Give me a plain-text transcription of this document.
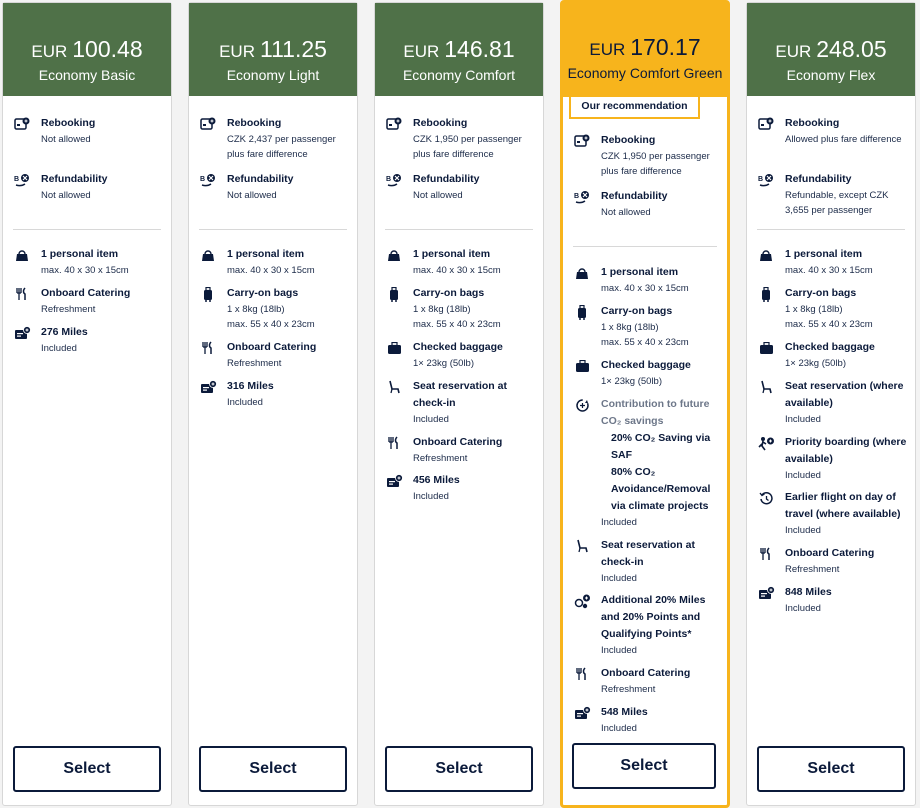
EUR 100.48
Economy Basic
Rebooking
Not allowed
B Refundability
Not allowed
1 personal item
max. 40 x 30 x 15cm
Onboard Catering
Refreshment
276 Miles
Included
Select
EUR 111.25
Economy Light
Rebooking
CZK 2,437 per passenger plus fare difference
B Refundability
Not allowed
1 personal item
max. 40 x 30 x 15cm
Carry-on bags
1 x 8kg (18lb)
max. 55 x 40 x 23cm
Onboard Catering
Refreshment
316 Miles
Included
Select
EUR 146.81
Economy Comfort
Rebooking
CZK 1,950 per passenger plus fare difference
B Refundability
Not allowed
1 personal item
max. 40 x 30 x 15cm
Carry-on bags
1 x 8kg (18lb)
max. 55 x 40 x 23cm
Checked baggage
1× 23kg (50lb)
Seat reservation at check-in
Included
Onboard Catering
Refreshment
456 Miles
Included
Select
EUR 170.17
Economy Comfort Green
Our recommendation
Rebooking
CZK 1,950 per passenger plus fare difference
B Refundability
Not allowed
1 personal item
max. 40 x 30 x 15cm
Carry-on bags
1 x 8kg (18lb)
max. 55 x 40 x 23cm
Checked baggage
1× 23kg (50lb)
Contribution to future CO₂ savings
20% CO₂ Saving via SAF
80% CO₂ Avoidance/Removal via climate projects
Included
Seat reservation at check-in
Included
Additional 20% Miles and 20% Points and Qualifying Points*
Included
Onboard Catering
Refreshment
548 Miles
Included
Select
EUR 248.05
Economy Flex
Rebooking
Allowed plus fare difference
B Refundability
Refundable, except CZK 3,655 per passenger
1 personal item
max. 40 x 30 x 15cm
Carry-on bags
1 x 8kg (18lb)
max. 55 x 40 x 23cm
Checked baggage
1× 23kg (50lb)
Seat reservation (where available)
Included
Priority boarding (where available)
Included
Earlier flight on day of travel (where available)
Included
Onboard Catering
Refreshment
848 Miles
Included
Select
